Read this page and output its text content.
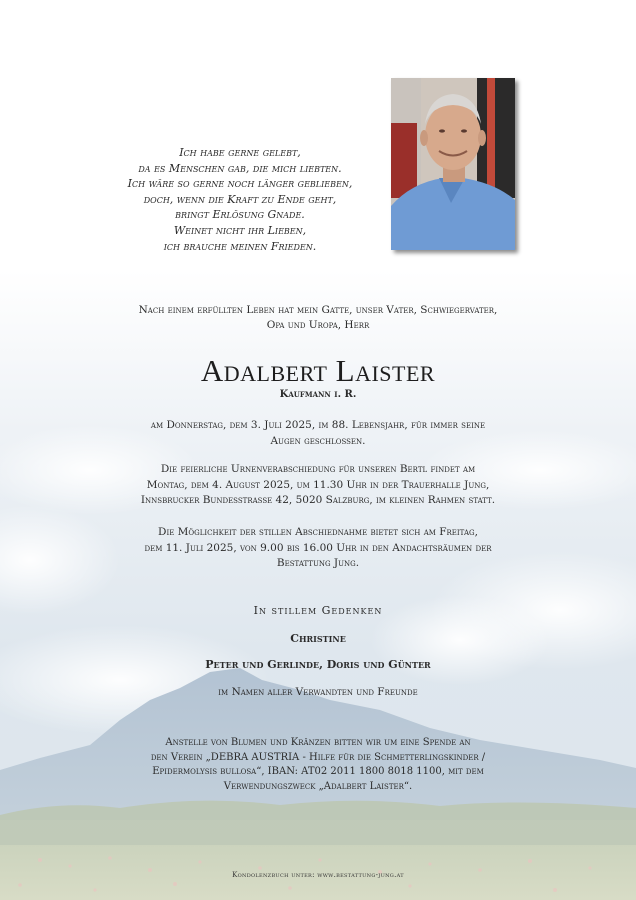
Ich habe gerne gelebt,
da es Menschen gab, die mich liebten.
Ich wäre so gerne noch länger geblieben,
doch, wenn die Kraft zu Ende geht,
bringt Erlösung Gnade.
Weinet nicht ihr Lieben,
ich brauche meinen Frieden.
Nach einem erfüllten Leben hat mein Gatte, unser Vater, Schwiegervater,
Opa und Uropa, Herr
Adalbert Laister
Kaufmann i. R.
am Donnerstag, dem 3. Juli 2025, im 88. Lebensjahr, für immer seine
Augen geschlossen.
Die feierliche Urnenverabschiedung für unseren Bertl findet am
Montag, dem 4. August 2025, um 11.30 Uhr in der Trauerhalle Jung,
Innsbrucker Bundesstrasse 42, 5020 Salzburg, im kleinen Rahmen statt.
Die Möglichkeit der stillen Abschiednahme bietet sich am Freitag,
dem 11. Juli 2025, von 9.00 bis 16.00 Uhr in den Andachtsräumen der
Bestattung Jung.
In stillem Gedenken
Christine
Peter und Gerlinde, Doris und Günter
im Namen aller Verwandten und Freunde
Anstelle von Blumen und Kränzen bitten wir um eine Spende an
den Verein „DEBRA AUSTRIA - Hilfe für die Schmetterlingskinder /
Epidermolysis bullosa“, IBAN: AT02 2011 1800 8018 1100, mit dem
Verwendungszweck „Adalbert Laister“.
Kondolenzbuch unter: www.bestattung-jung.at
